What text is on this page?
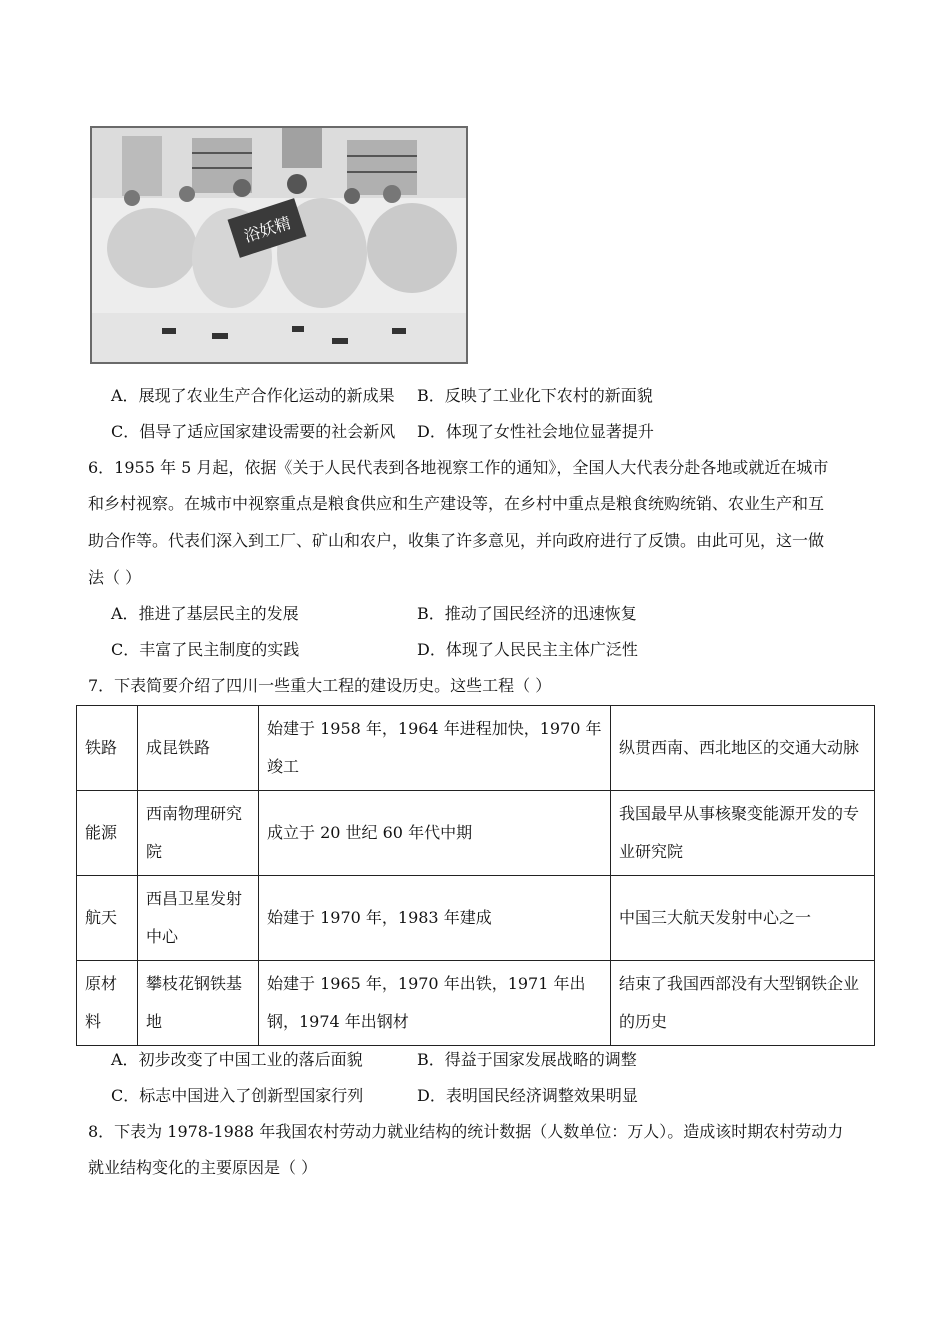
浴妖精
A．展现了农业生产合作化运动的新成果 B．反映了工业化下农村的新面貌
C．倡导了适应国家建设需要的社会新风 D．体现了女性社会地位显著提升
6．1955 年 5 月起，依据《关于人民代表到各地视察工作的通知》，全国人大代表分赴各地或就近在城市
和乡村视察。在城市中视察重点是粮食供应和生产建设等，在乡村中重点是粮食统购统销、农业生产和互
助合作等。代表们深入到工厂、矿山和农户，收集了许多意见，并向政府进行了反馈。由此可见，这一做
法（ ）
A．推进了基层民主的发展	B．推动了国民经济的迅速恢复
C．丰富了民主制度的实践	D．体现了人民民主主体广泛性
7．下表简要介绍了四川一些重大工程的建设历史。这些工程（ ）
铁路	成昆铁路	始建于 1958 年，1964 年进程加快，1970 年竣工	纵贯西南、西北地区的交通大动脉
能源	西南物理研究院	成立于 20 世纪 60 年代中期	我国最早从事核聚变能源开发的专业研究院
航天	西昌卫星发射中心	始建于 1970 年，1983 年建成	中国三大航天发射中心之一
原材料	攀枝花钢铁基地	始建于 1965 年，1970 年出铁，1971 年出钢，1974 年出钢材	结束了我国西部没有大型钢铁企业的历史
A．初步改变了中国工业的落后面貌	B．得益于国家发展战略的调整
C．标志中国进入了创新型国家行列	D．表明国民经济调整效果明显
8．下表为 1978-1988 年我国农村劳动力就业结构的统计数据（人数单位：万人）。造成该时期农村劳动力
就业结构变化的主要原因是（ ）
